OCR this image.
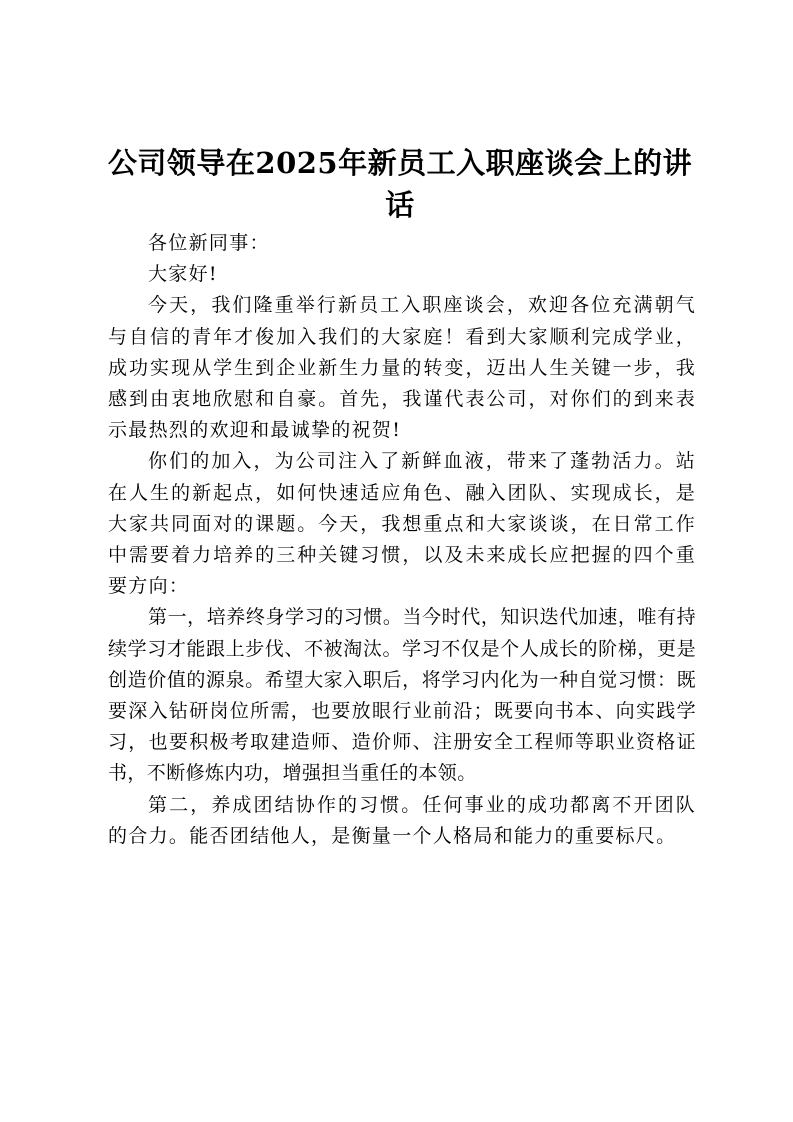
公司领导在2025年新员工入职座谈会上的讲话

各位新同事：

大家好!

今天，我们隆重举行新员工入职座谈会，欢迎各位充满朝气与自信的青年才俊加入我们的大家庭！看到大家顺利完成学业，成功实现从学生到企业新生力量的转变，迈出人生关键一步，我感到由衷地欣慰和自豪。首先，我谨代表公司，对你们的到来表示最热烈的欢迎和最诚挚的祝贺!

你们的加入，为公司注入了新鲜血液，带来了蓬勃活力。站在人生的新起点，如何快速适应角色、融入团队、实现成长，是大家共同面对的课题。今天，我想重点和大家谈谈，在日常工作中需要着力培养的三种关键习惯，以及未来成长应把握的四个重要方向：

第一，培养终身学习的习惯。当今时代，知识迭代加速，唯有持续学习才能跟上步伐、不被淘汰。学习不仅是个人成长的阶梯，更是创造价值的源泉。希望大家入职后，将学习内化为一种自觉习惯：既要深入钻研岗位所需，也要放眼行业前沿；既要向书本、向实践学习，也要积极考取建造师、造价师、注册安全工程师等职业资格证书，不断修炼内功，增强担当重任的本领。

第二，养成团结协作的习惯。任何事业的成功都离不开团队的合力。能否团结他人，是衡量一个人格局和能力的重要标尺。
